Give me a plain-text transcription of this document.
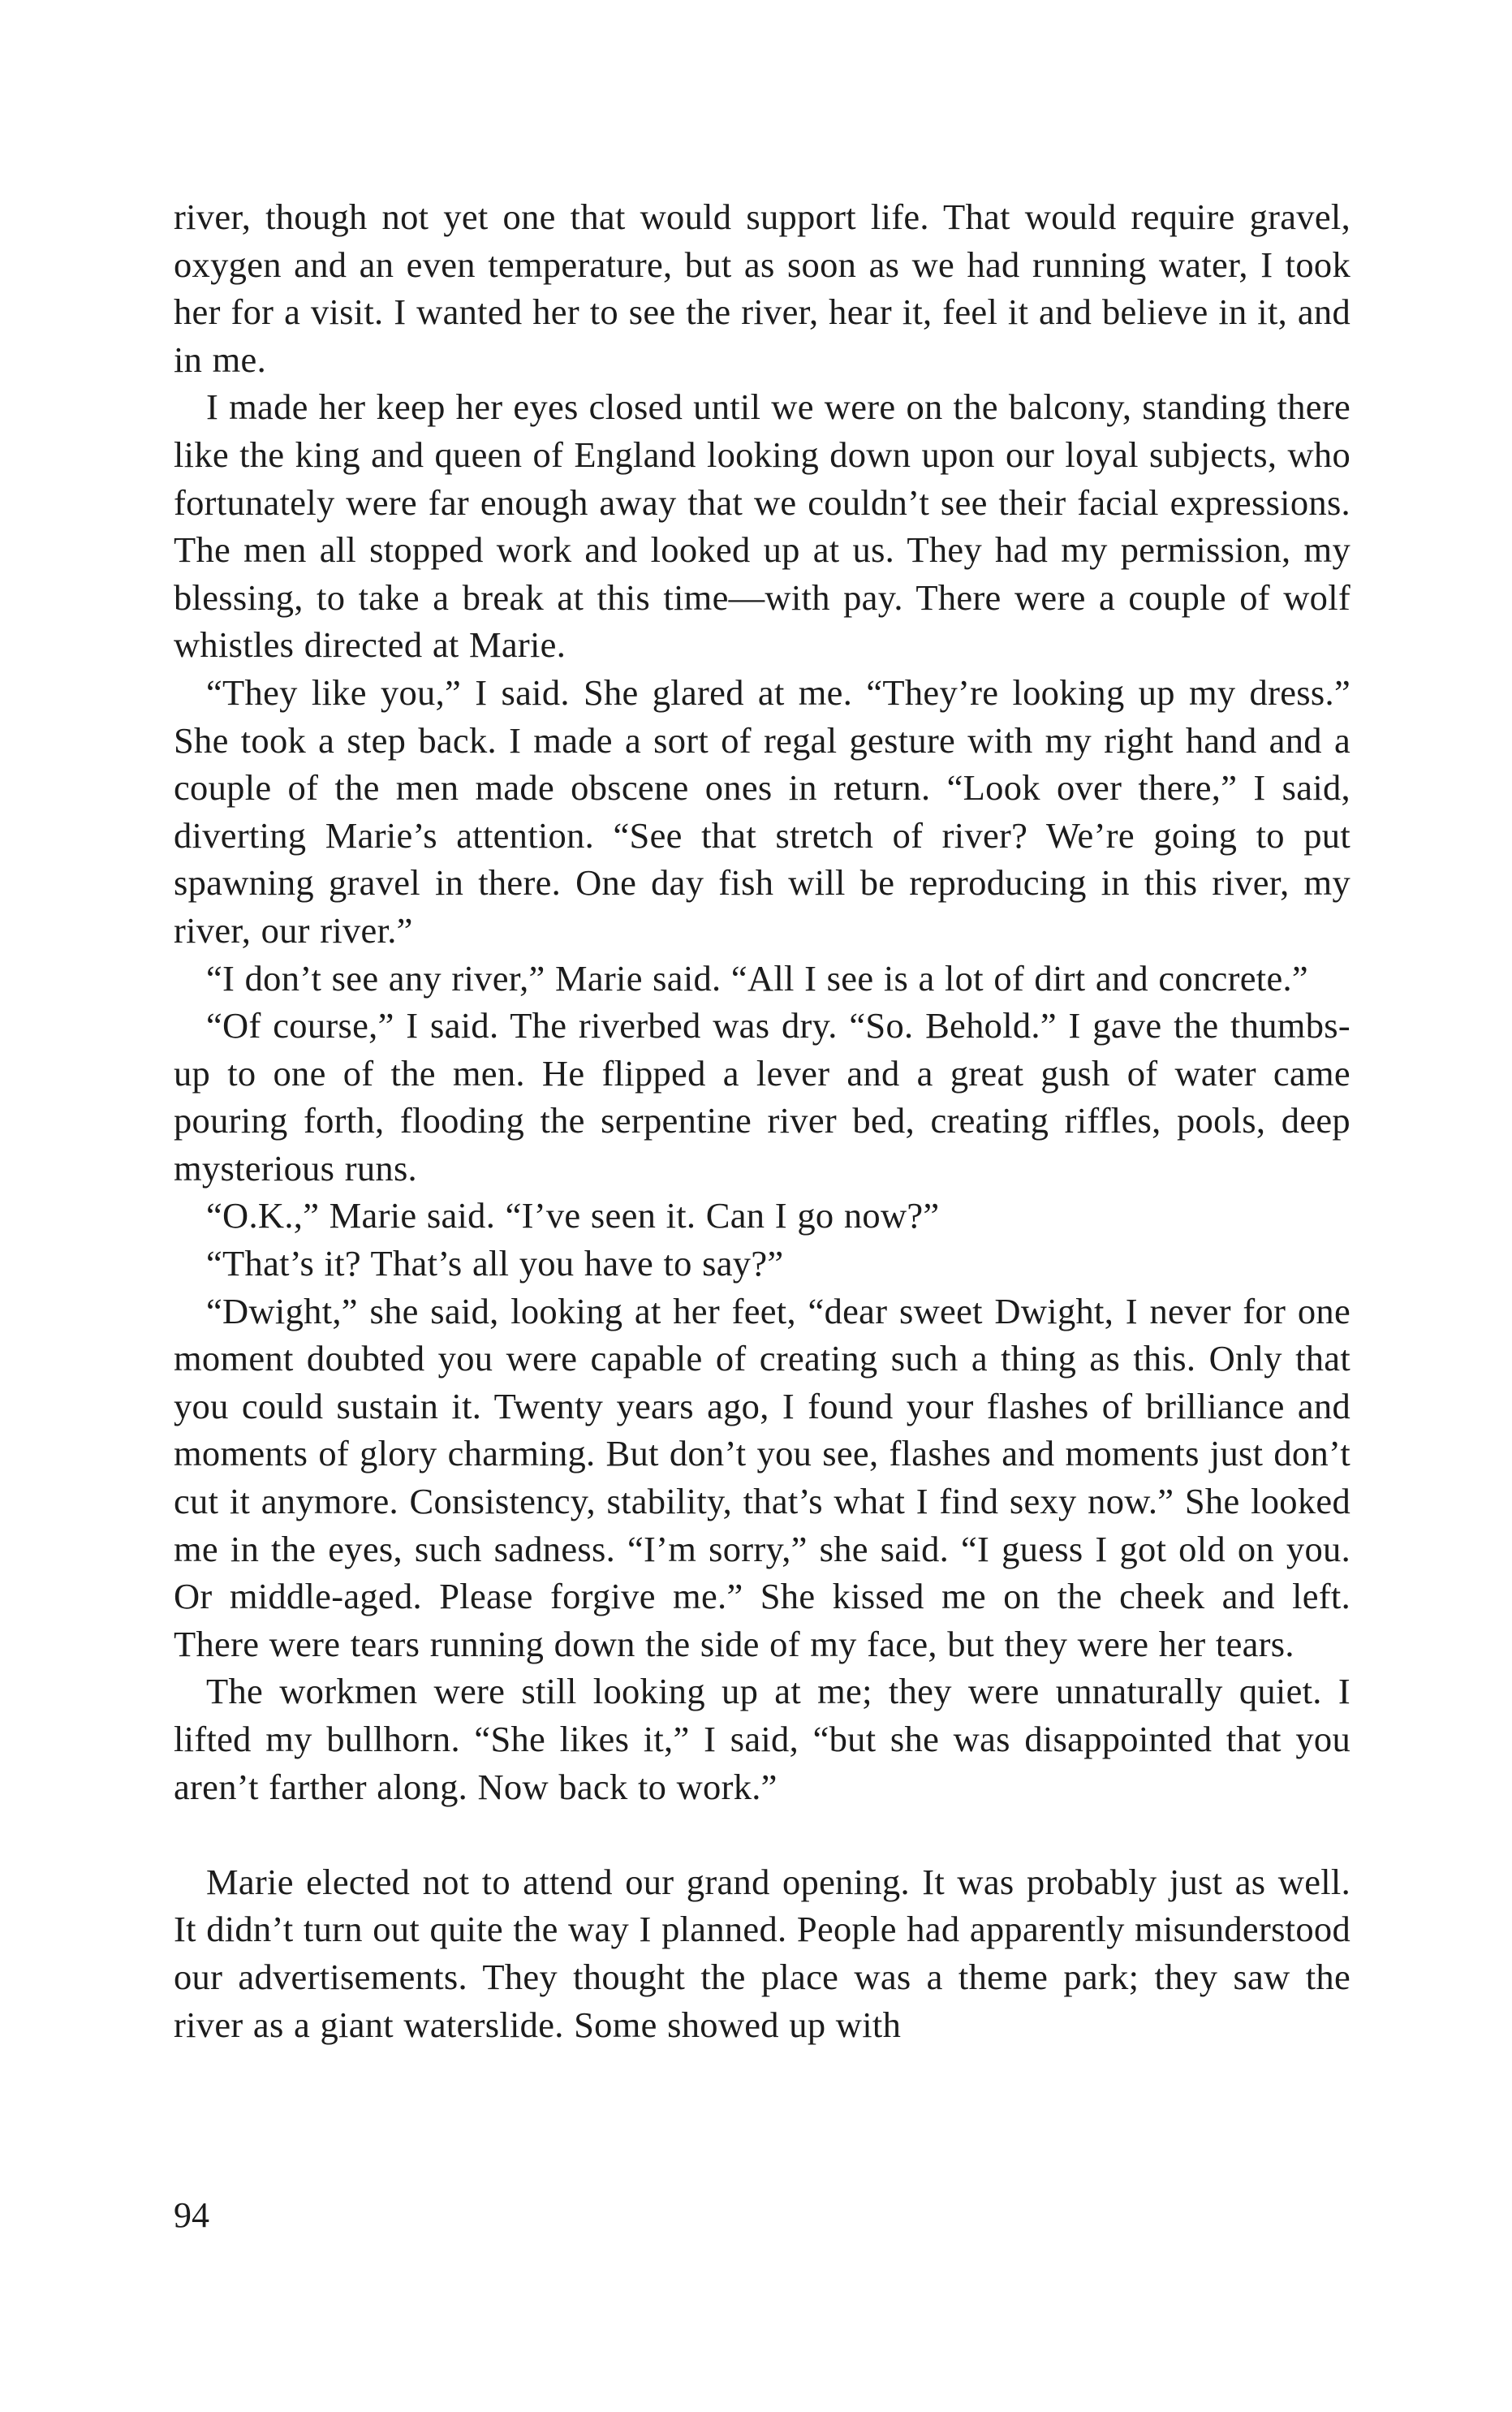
river, though not yet one that would support life. That would require gravel, oxygen and an even temperature, but as soon as we had running water, I took her for a visit. I wanted her to see the river, hear it, feel it and believe in it, and in me.

I made her keep her eyes closed until we were on the balcony, standing there like the king and queen of England looking down upon our loyal subjects, who fortunately were far enough away that we couldn’t see their facial expressions. The men all stopped work and looked up at us. They had my permission, my blessing, to take a break at this time—with pay. There were a couple of wolf whistles directed at Marie.

“They like you,” I said. She glared at me. “They’re looking up my dress.” She took a step back. I made a sort of regal gesture with my right hand and a couple of the men made obscene ones in return. “Look over there,” I said, diverting Marie’s attention. “See that stretch of river? We’re going to put spawning gravel in there. One day fish will be reproducing in this river, my river, our river.”

“I don’t see any river,” Marie said. “All I see is a lot of dirt and concrete.”

“Of course,” I said. The riverbed was dry. “So. Behold.” I gave the thumbs-up to one of the men. He flipped a lever and a great gush of water came pouring forth, flooding the serpentine river bed, creating riffles, pools, deep mysterious runs.

“O.K.,” Marie said. “I’ve seen it. Can I go now?”

“That’s it? That’s all you have to say?”

“Dwight,” she said, looking at her feet, “dear sweet Dwight, I never for one moment doubted you were capable of creating such a thing as this. Only that you could sustain it. Twenty years ago, I found your flashes of brilliance and moments of glory charming. But don’t you see, flashes and moments just don’t cut it anymore. Consistency, stability, that’s what I find sexy now.” She looked me in the eyes, such sadness. “I’m sorry,” she said. “I guess I got old on you. Or middle-aged. Please forgive me.” She kissed me on the cheek and left. There were tears running down the side of my face, but they were her tears.

The workmen were still looking up at me; they were unnaturally quiet. I lifted my bullhorn. “She likes it,” I said, “but she was disappointed that you aren’t farther along. Now back to work.”

Marie elected not to attend our grand opening. It was probably just as well. It didn’t turn out quite the way I planned. People had apparently misunderstood our advertisements. They thought the place was a theme park; they saw the river as a giant waterslide. Some showed up with

94
